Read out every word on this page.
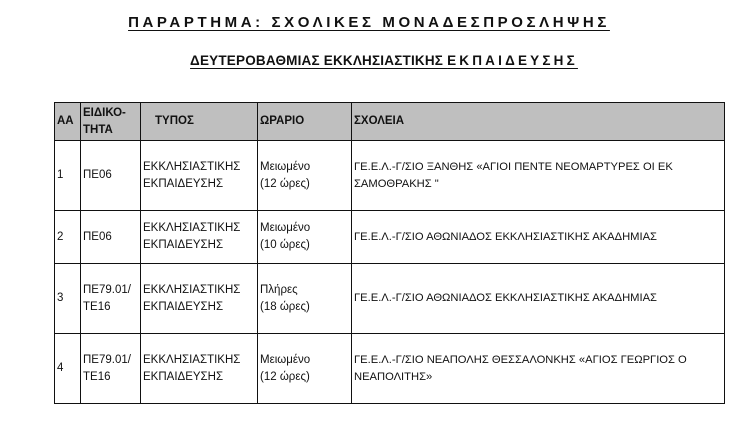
ΠΑΡΑΡΤΗΜΑ: ΣΧΟΛΙΚΕΣ ΜΟΝΑΔΕΣΠΡΟΣΛΗΨΗΣ
ΔΕΥΤΕΡΟΒΑΘΜΙΑΣ ΕΚΚΛΗΣΙΑΣΤΙΚΗΣ ΕΚΠΑΙΔΕΥΣΗΣ
ΑΑ	ΕΙΔΙΚΟ-
ΤΗΤΑ	ΤΥΠΟΣ	ΩΡΑΡΙΟ	ΣΧΟΛΕΙΑ
1	ΠΕ06	ΕΚΚΛΗΣΙΑΣΤΙΚΗΣ
ΕΚΠΑΙΔΕΥΣΗΣ	Μειωμένο
(12 ώρες)	ΓΕ.Ε.Λ.-Γ/ΣΙΟ ΞΑΝΘΗΣ «ΑΓΙΟΙ ΠΕΝΤΕ ΝΕΟΜΑΡΤΥΡΕΣ ΟΙ ΕΚ
ΣΑΜΟΘΡΑΚΗΣ "

2	ΠΕ06	ΕΚΚΛΗΣΙΑΣΤΙΚΗΣ
ΕΚΠΑΙΔΕΥΣΗΣ	Μειωμένο
(10 ώρες)	ΓΕ.Ε.Λ.-Γ/ΣΙΟ ΑΘΩΝΙΑΔΟΣ ΕΚΚΛΗΣΙΑΣΤΙΚΗΣ ΑΚΑΔΗΜΙΑΣ

3	ΠΕ79.01/
ΤΕ16	ΕΚΚΛΗΣΙΑΣΤΙΚΗΣ
ΕΚΠΑΙΔΕΥΣΗΣ	Πλήρες
(18 ώρες)	ΓΕ.Ε.Λ.-Γ/ΣΙΟ ΑΘΩΝΙΑΔΟΣ ΕΚΚΛΗΣΙΑΣΤΙΚΗΣ ΑΚΑΔΗΜΙΑΣ

4	ΠΕ79.01/
ΤΕ16	ΕΚΚΛΗΣΙΑΣΤΙΚΗΣ
ΕΚΠΑΙΔΕΥΣΗΣ	Μειωμένο
(12 ώρες)	ΓΕ.Ε.Λ.-Γ/ΣΙΟ ΝΕΑΠΟΛΗΣ ΘΕΣΣΑΛΟΝΚΗΣ «ΑΓΙΟΣ ΓΕΩΡΓΙΟΣ Ο
ΝΕΑΠΟΛΙΤΗΣ»
